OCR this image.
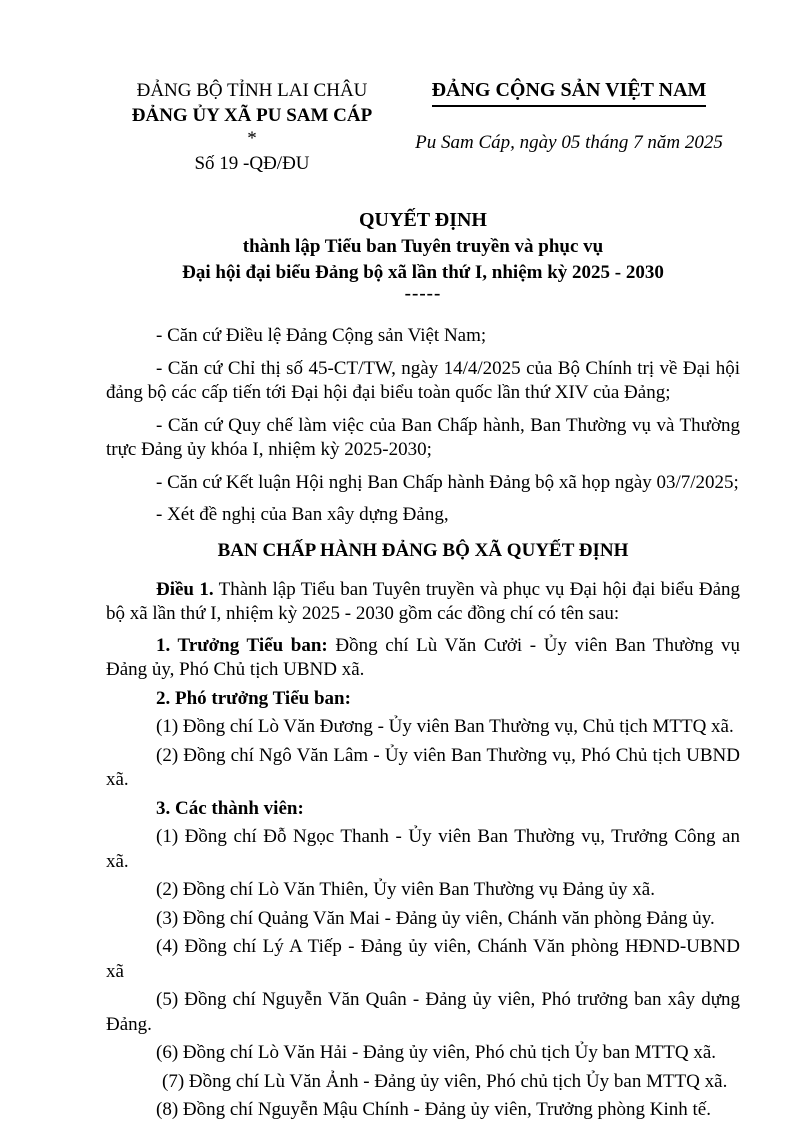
ĐẢNG BỘ TỈNH LAI CHÂU
ĐẢNG ỦY XÃ PU SAM CÁP
*
Số 19 -QĐ/ĐU
ĐẢNG CỘNG SẢN VIỆT NAM
Pu Sam Cáp, ngày 05 tháng 7 năm 2025
QUYẾT ĐỊNH
thành lập Tiểu ban Tuyên truyền và phục vụ
Đại hội đại biểu Đảng bộ xã lần thứ I, nhiệm kỳ 2025 - 2030
-----

- Căn cứ Điều lệ Đảng Cộng sản Việt Nam;

- Căn cứ Chỉ thị số 45-CT/TW, ngày 14/4/2025 của Bộ Chính trị về Đại hội đảng bộ các cấp tiến tới Đại hội đại biểu toàn quốc lần thứ XIV của Đảng;

- Căn cứ Quy chế làm việc của Ban Chấp hành, Ban Thường vụ và Thường trực Đảng ủy khóa I, nhiệm kỳ 2025-2030;

- Căn cứ Kết luận Hội nghị Ban Chấp hành Đảng bộ xã họp ngày 03/7/2025;

- Xét đề nghị của Ban xây dựng Đảng,

BAN CHẤP HÀNH ĐẢNG BỘ XÃ QUYẾT ĐỊNH

Điều 1. Thành lập Tiểu ban Tuyên truyền và phục vụ Đại hội đại biểu Đảng bộ xã lần thứ I, nhiệm kỳ 2025 - 2030 gồm các đồng chí có tên sau:

1. Trưởng Tiểu ban: Đồng chí Lù Văn Cưởi - Ủy viên Ban Thường vụ Đảng ủy, Phó Chủ tịch UBND xã.

2. Phó trưởng Tiểu ban:

(1) Đồng chí Lò Văn Đương - Ủy viên Ban Thường vụ, Chủ tịch MTTQ xã.

(2) Đồng chí Ngô Văn Lâm - Ủy viên Ban Thường vụ, Phó Chủ tịch UBND xã.

3. Các thành viên:

(1) Đồng chí Đỗ Ngọc Thanh - Ủy viên Ban Thường vụ, Trưởng Công an xã.

(2) Đồng chí Lò Văn Thiên, Ủy viên Ban Thường vụ Đảng ủy xã.

(3) Đồng chí Quảng Văn Mai - Đảng ủy viên, Chánh văn phòng Đảng ủy.

(4) Đồng chí Lý A Tiếp - Đảng ủy viên, Chánh Văn phòng HĐND-UBND xã

(5) Đồng chí Nguyễn Văn Quân - Đảng ủy viên, Phó trưởng ban xây dựng Đảng.

(6) Đồng chí Lò Văn Hải - Đảng ủy viên, Phó chủ tịch Ủy ban MTTQ xã.

(7) Đồng chí Lù Văn Ảnh - Đảng ủy viên, Phó chủ tịch Ủy ban MTTQ xã.

(8) Đồng chí Nguyễn Mậu Chính - Đảng ủy viên, Trưởng phòng Kinh tế.
